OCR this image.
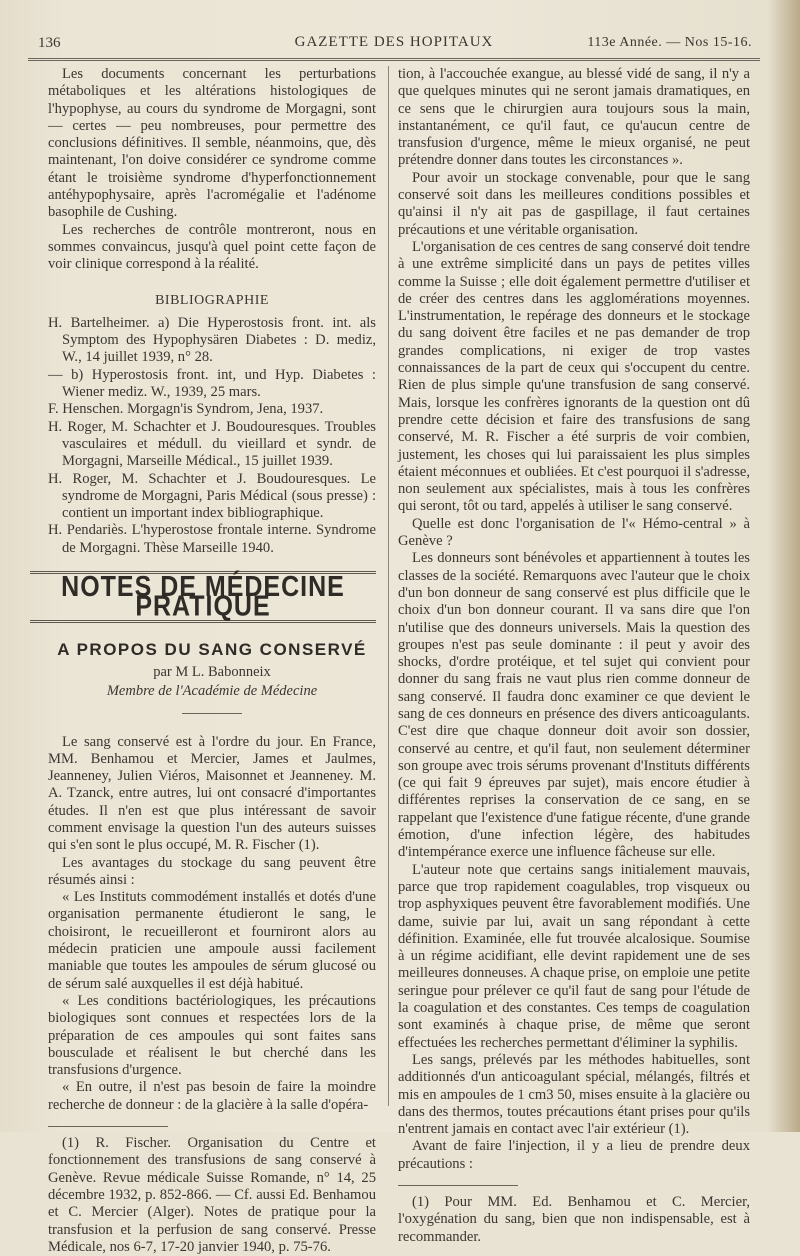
136	GAZETTE DES HOPITAUX	113e Année. — Nos 15-16.

Les documents concernant les perturbations métaboliques et les altérations histologiques de l'hypophyse, au cours du syndrome de Morgagni, sont — certes — peu nombreuses, pour permettre des conclusions définitives. Il semble, néanmoins, que, dès maintenant, l'on doive considérer ce syndrome comme étant le troisième syndrome d'hyperfonctionnement antéhypophysaire, après l'acromégalie et l'adénome basophile de Cushing.

Les recherches de contrôle montreront, nous en sommes convaincus, jusqu'à quel point cette façon de voir clinique correspond à la réalité.

BIBLIOGRAPHIE

H. Bartelheimer. a) Die Hyperostosis front. int. als Symptom des Hypophysären Diabetes : D. mediz, W., 14 juillet 1939, n° 28.

— b) Hyperostosis front. int, und Hyp. Diabetes : Wiener mediz. W., 1939, 25 mars.

F. Henschen. Morgagn'is Syndrom, Jena, 1937.

H. Roger, M. Schachter et J. Boudouresques. Troubles vasculaires et médull. du vieillard et syndr. de Morgagni, Marseille Médical., 15 juillet 1939.

H. Roger, M. Schachter et J. Boudouresques. Le syndrome de Morgagni, Paris Médical (sous presse) : contient un important index bibliographique.

H. Pendariès. L'hyperostose frontale interne. Syndrome de Morgagni. Thèse Marseille 1940.

NOTES DE MÉDECINE PRATIQUE
A PROPOS DU SANG CONSERVÉ
par M L. Babonneix
Membre de l'Académie de Médecine

Le sang conservé est à l'ordre du jour. En France, MM. Benhamou et Mercier, James et Jaulmes, Jeanneney, Julien Viéros, Maisonnet et Jeanneney. M. A. Tzanck, entre autres, lui ont consacré d'importantes études. Il n'en est que plus intéressant de savoir comment envisage la question l'un des auteurs suisses qui s'en sont le plus occupé, M. R. Fischer (1).

Les avantages du stockage du sang peuvent être résumés ainsi :

« Les Instituts commodément installés et dotés d'une organisation permanente étudieront le sang, le choisiront, le recueilleront et fourniront alors au médecin praticien une ampoule aussi facilement maniable que toutes les ampoules de sérum glucosé ou de sérum salé auxquelles il est déjà habitué.

« Les conditions bactériologiques, les précautions biologiques sont connues et respectées lors de la préparation de ces ampoules qui sont faites sans bousculade et réalisent le but cherché dans les transfusions d'urgence.

« En outre, il n'est pas besoin de faire la moindre recherche de donneur : de la glacière à la salle d'opéra-

(1) R. Fischer. Organisation du Centre et fonctionnement des transfusions de sang conservé à Genève. Revue médicale Suisse Romande, n° 14, 25 décembre 1932, p. 852-866. — Cf. aussi Ed. Benhamou et C. Mercier (Alger). Notes de pratique pour la transfusion et la perfusion de sang conservé. Presse Médicale, nos 6-7, 17-20 janvier 1940, p. 75-76.

tion, à l'accouchée exangue, au blessé vidé de sang, il n'y a que quelques minutes qui ne seront jamais dramatiques, en ce sens que le chirurgien aura toujours sous la main, instantanément, ce qu'il faut, ce qu'aucun centre de transfusion d'urgence, même le mieux organisé, ne peut prétendre donner dans toutes les circonstances ».

Pour avoir un stockage convenable, pour que le sang conservé soit dans les meilleures conditions possibles et qu'ainsi il n'y ait pas de gaspillage, il faut certaines précautions et une véritable organisation.

L'organisation de ces centres de sang conservé doit tendre à une extrême simplicité dans un pays de petites villes comme la Suisse ; elle doit également permettre d'utiliser et de créer des centres dans les agglomérations moyennes. L'instrumentation, le repérage des donneurs et le stockage du sang doivent être faciles et ne pas demander de trop grandes complications, ni exiger de trop vastes connaissances de la part de ceux qui s'occupent du centre. Rien de plus simple qu'une transfusion de sang conservé. Mais, lorsque les confrères ignorants de la question ont dû prendre cette décision et faire des transfusions de sang conservé, M. R. Fischer a été surpris de voir combien, justement, les choses qui lui paraissaient les plus simples étaient méconnues et oubliées. Et c'est pourquoi il s'adresse, non seulement aux spécialistes, mais à tous les confrères qui seront, tôt ou tard, appelés à utiliser le sang conservé.

Quelle est donc l'organisation de l'« Hémo-central » à Genève ?

Les donneurs sont bénévoles et appartiennent à toutes les classes de la société. Remarquons avec l'auteur que le choix d'un bon donneur de sang conservé est plus difficile que le choix d'un bon donneur courant. Il va sans dire que l'on n'utilise que des donneurs universels. Mais la question des groupes n'est pas seule dominante : il peut y avoir des shocks, d'ordre protéique, et tel sujet qui convient pour donner du sang frais ne vaut plus rien comme donneur de sang conservé. Il faudra donc examiner ce que devient le sang de ces donneurs en présence des divers anticoagulants. C'est dire que chaque donneur doit avoir son dossier, conservé au centre, et qu'il faut, non seulement déterminer son groupe avec trois sérums provenant d'Instituts différents (ce qui fait 9 épreuves par sujet), mais encore étudier à différentes reprises la conservation de ce sang, en se rappelant que l'existence d'une fatigue récente, d'une grande émotion, d'une infection légère, des habitudes d'intempérance exerce une influence fâcheuse sur elle.

L'auteur note que certains sangs initialement mauvais, parce que trop rapidement coagulables, trop visqueux ou trop asphyxiques peuvent être favorablement modifiés. Une dame, suivie par lui, avait un sang répondant à cette définition. Examinée, elle fut trouvée alcalosique. Soumise à un régime acidifiant, elle devint rapidement une de ses meilleures donneuses. A chaque prise, on emploie une petite seringue pour prélever ce qu'il faut de sang pour l'étude de la coagulation et des constantes. Ces temps de coagulation sont examinés à chaque prise, de même que seront effectuées les recherches permettant d'éliminer la syphilis.

Les sangs, prélevés par les méthodes habituelles, sont additionnés d'un anticoagulant spécial, mélangés, filtrés et mis en ampoules de 1 cm3 50, mises ensuite à la glacière ou dans des thermos, toutes précautions étant prises pour qu'ils n'entrent jamais en contact avec l'air extérieur (1).

Avant de faire l'injection, il y a lieu de prendre deux précautions :

(1) Pour MM. Ed. Benhamou et C. Mercier, l'oxygénation du sang, bien que non indispensable, est à recommander.
